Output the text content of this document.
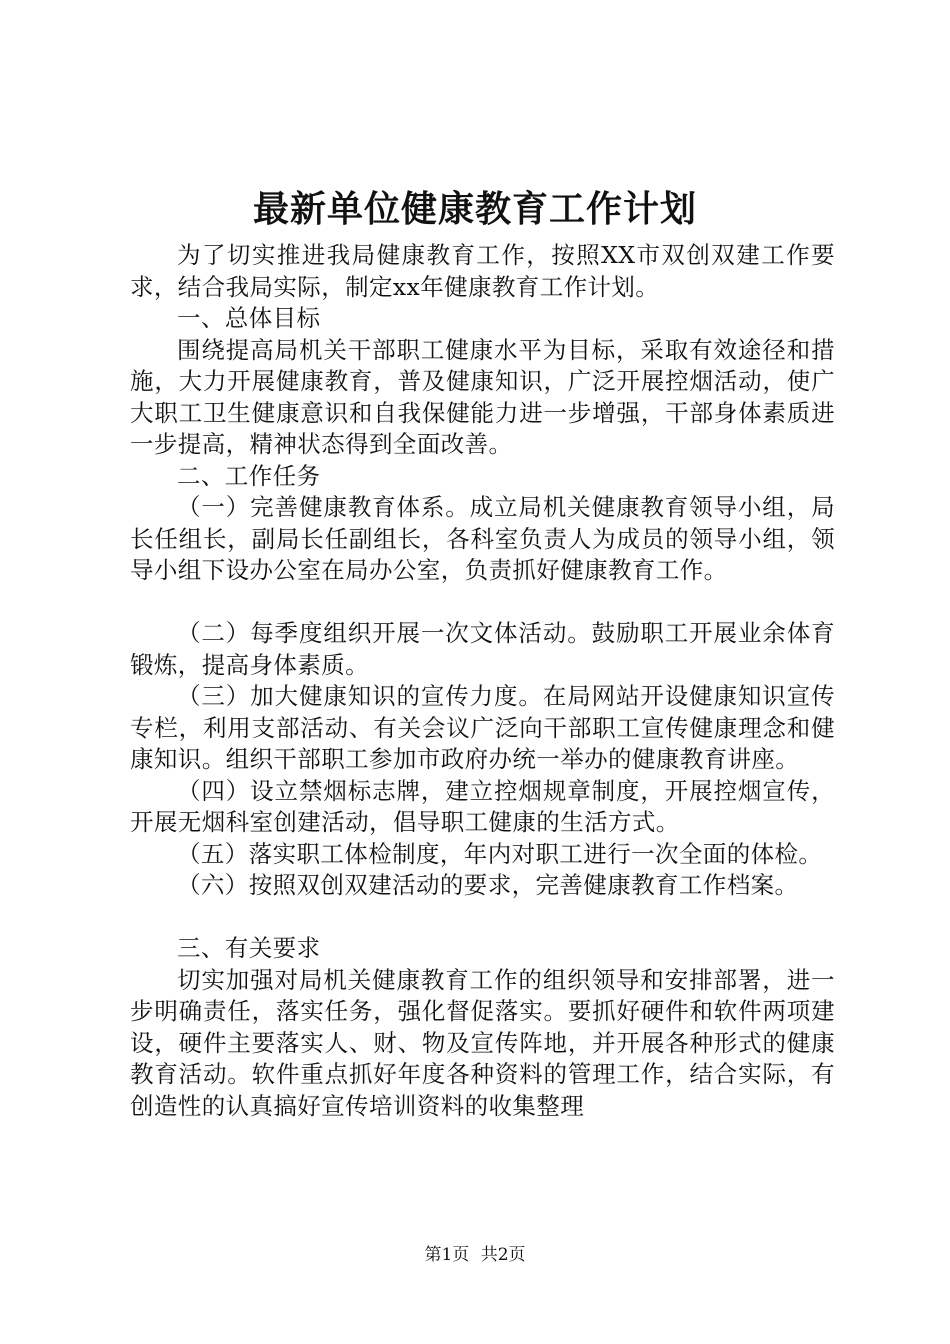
最新单位健康教育工作计划

为了切实推进我局健康教育工作，按照XX市双创双建工作要求，结合我局实际，制定xx年健康教育工作计划。

一、总体目标

围绕提高局机关干部职工健康水平为目标，采取有效途径和措施，大力开展健康教育，普及健康知识，广泛开展控烟活动，使广大职工卫生健康意识和自我保健能力进一步增强，干部身体素质进一步提高，精神状态得到全面改善。

二、工作任务

（一）完善健康教育体系。成立局机关健康教育领导小组，局长任组长，副局长任副组长，各科室负责人为成员的领导小组，领导小组下设办公室在局办公室，负责抓好健康教育工作。

（二）每季度组织开展一次文体活动。鼓励职工开展业余体育锻炼，提高身体素质。

（三）加大健康知识的宣传力度。在局网站开设健康知识宣传专栏，利用支部活动、有关会议广泛向干部职工宣传健康理念和健康知识。组织干部职工参加市政府办统一举办的健康教育讲座。

（四）设立禁烟标志牌，建立控烟规章制度，开展控烟宣传，开展无烟科室创建活动，倡导职工健康的生活方式。

（五）落实职工体检制度，年内对职工进行一次全面的体检。

（六）按照双创双建活动的要求，完善健康教育工作档案。

三、有关要求

切实加强对局机关健康教育工作的组织领导和安排部署，进一步明确责任，落实任务，强化督促落实。要抓好硬件和软件两项建设，硬件主要落实人、财、物及宣传阵地，并开展各种形式的健康教育活动。软件重点抓好年度各种资料的管理工作，结合实际，有创造性的认真搞好宣传培训资料的收集整理

第1页 共2页
